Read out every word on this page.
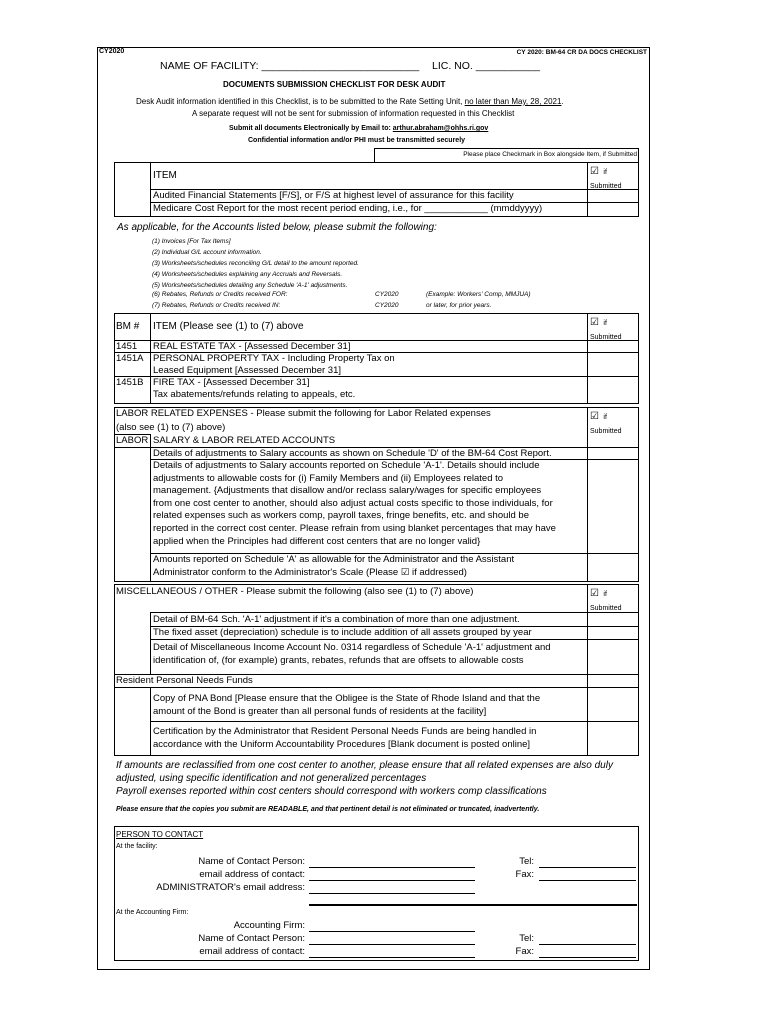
CY2020	CY 2020: BM-64 CR DA DOCS CHECKLIST
NAME OF FACILITY: ___________________________ LIC. NO. ___________
DOCUMENTS SUBMISSION CHECKLIST FOR DESK AUDIT
Desk Audit information identified in this Checklist, is to be submitted to the Rate Setting Unit, no later than May, 28, 2021.
A separate request will not be sent for submission of information requested in this Checklist
Submit all documents Electronically by Email to: arthur.abraham@ohhs.ri.gov
Confidential information and/or PHI must be transmitted securely
Please place Checkmark in Box alongside Item, if Submitted
ITEM	☑ if
Submitted
Audited Financial Statements [F/S], or F/S at highest level of assurance for this facility
Medicare Cost Report for the most recent period ending, i.e., for ____________ (mmddyyyy)
As applicable, for the Accounts listed below, please submit the following:
(1) Invoices [For Tax Items]
(2) Individual G/L account information.
(3) Worksheets/schedules reconciling G/L detail to the amount reported.
(4) Worksheets/schedules explaining any Accruals and Reversals.
(5) Worksheets/schedules detailing any Schedule 'A-1' adjustments.
(6) Rebates, Refunds or Credits received FOR:	CY2020	(Example: Workers' Comp, MMJUA)
(7) Rebates, Refunds or Credits received IN:	CY2020	or later, for prior years.
BM # ITEM (Please see (1) to (7) above	☑ if
Submitted
1451 REAL ESTATE TAX - [Assessed December 31]
1451A PERSONAL PROPERTY TAX - Including Property Tax on
Leased Equipment [Assessed December 31]
1451B FIRE TAX - [Assessed December 31]
Tax abatements/refunds relating to appeals, etc.
LABOR RELATED EXPENSES - Please submit the following for Labor Related expenses
(also see (1) to (7) above)
☑ if
Submitted
LABOR SALARY & LABOR RELATED ACCOUNTS
Details of adjustments to Salary accounts as shown on Schedule 'D' of the BM-64 Cost Report.
Details of adjustments to Salary accounts reported on Schedule 'A-1'. Details should include
adjustments to allowable costs for (i) Family Members and (ii) Employees related to
management. {Adjustments that disallow and/or reclass salary/wages for specific employees
from one cost center to another, should also adjust actual costs specific to those individuals, for
related expenses such as workers comp, payroll taxes, fringe benefits, etc. and should be
reported in the correct cost center. Please refrain from using blanket percentages that may have
applied when the Principles had different cost centers that are no longer valid}
Amounts reported on Schedule 'A' as allowable for the Administrator and the Assistant
Administrator conform to the Administrator's Scale (Please ☑ if addressed)
MISCELLANEOUS / OTHER - Please submit the following (also see (1) to (7) above)	☑ if
Submitted
Detail of BM-64 Sch. 'A-1' adjustment if it's a combination of more than one adjustment.
The fixed asset (depreciation) schedule is to include addition of all assets grouped by year
Detail of Miscellaneous Income Account No. 0314 regardless of Schedule 'A-1' adjustment and
identification of, (for example) grants, rebates, refunds that are offsets to allowable costs
Resident Personal Needs Funds
Copy of PNA Bond [Please ensure that the Obligee is the State of Rhode Island and that the
amount of the Bond is greater than all personal funds of residents at the facility]
Certification by the Administrator that Resident Personal Needs Funds are being handled in
accordance with the Uniform Accountability Procedures [Blank document is posted online]
If amounts are reclassified from one cost center to another, please ensure that all related expenses are also duly
adjusted, using specific identification and not generalized percentages
Payroll exenses reported within cost centers should correspond with workers comp classifications
Please ensure that the copies you submit are READABLE, and that pertinent detail is not eliminated or truncated, inadvertently.
PERSON TO CONTACT
At the facility:
Name of Contact Person:
email address of contact:
ADMINISTRATOR's email address:
Tel:
Fax:
At the Accounting Firm:
Accounting Firm:
Name of Contact Person:
email address of contact:
Tel:
Fax:
